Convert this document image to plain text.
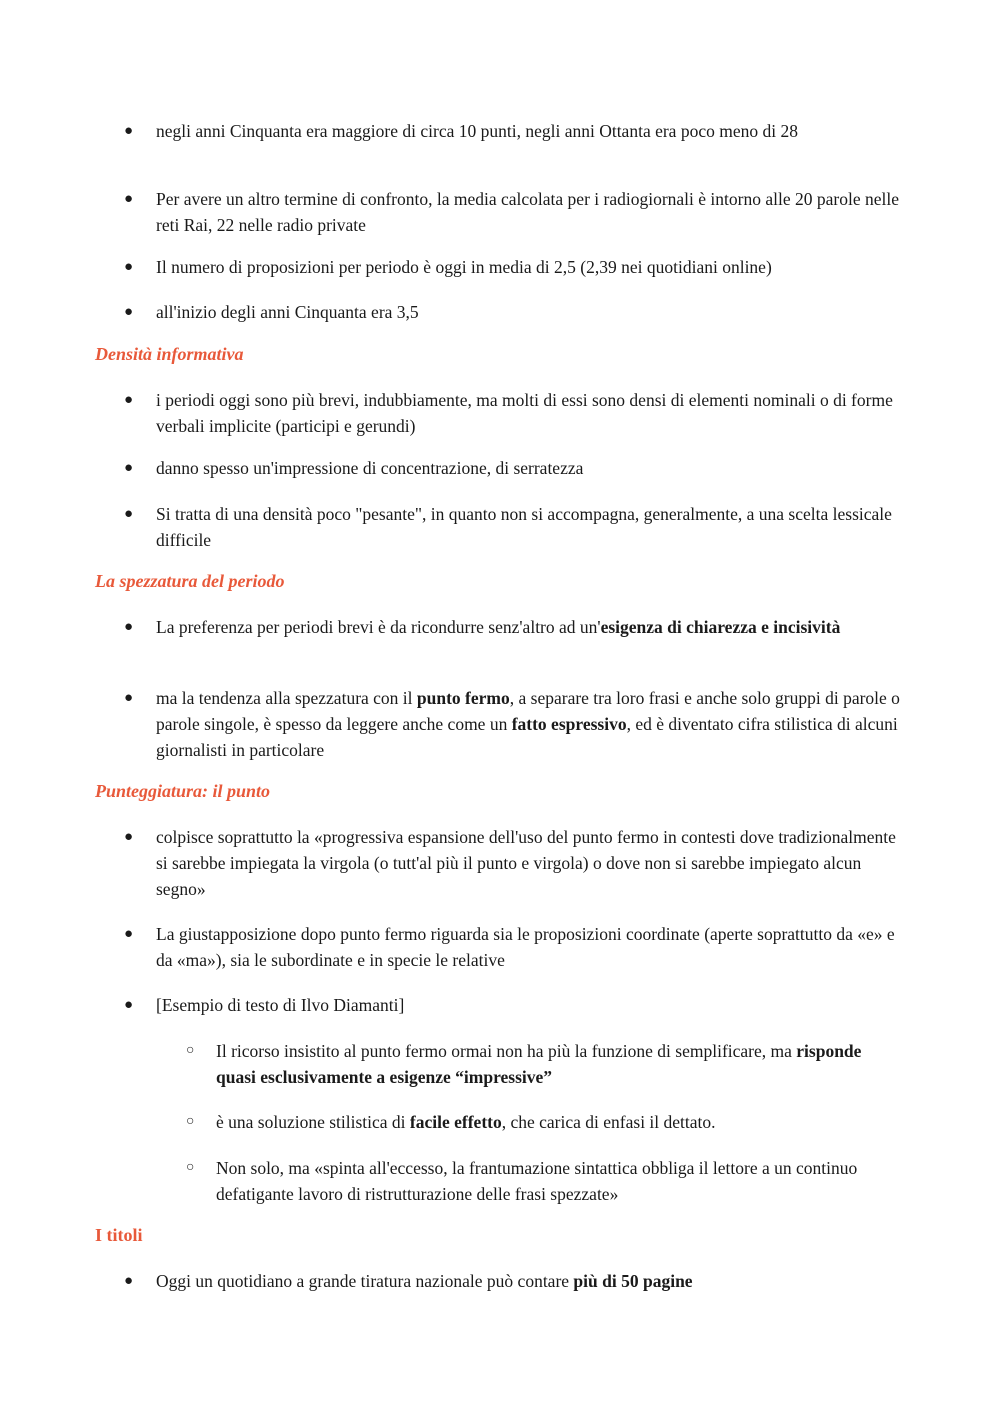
● negli anni Cinquanta era maggiore di circa 10 punti, negli anni Ottanta era poco meno di 28
● Per avere un altro termine di confronto, la media calcolata per i radiogiornali è intorno alle 20 parole nelle reti Rai, 22 nelle radio private
● Il numero di proposizioni per periodo è oggi in media di 2,5 (2,39 nei quotidiani online)
● all'inizio degli anni Cinquanta era 3,5
Densità informativa
● i periodi oggi sono più brevi, indubbiamente, ma molti di essi sono densi di elementi nominali o di forme verbali implicite (participi e gerundi)
● danno spesso un'impressione di concentrazione, di serratezza
● Si tratta di una densità poco "pesante", in quanto non si accompagna, generalmente, a una scelta lessicale difficile
La spezzatura del periodo
● La preferenza per periodi brevi è da ricondurre senz'altro ad un'esigenza di chiarezza e incisività
● ma la tendenza alla spezzatura con il punto fermo, a separare tra loro frasi e anche solo gruppi di parole o parole singole, è spesso da leggere anche come un fatto espressivo, ed è diventato cifra stilistica di alcuni giornalisti in particolare
Punteggiatura: il punto
● colpisce soprattutto la «progressiva espansione dell'uso del punto fermo in contesti dove tradizionalmente si sarebbe impiegata la virgola (o tutt'al più il punto e virgola) o dove non si sarebbe impiegato alcun segno»
● La giustapposizione dopo punto fermo riguarda sia le proposizioni coordinate (aperte soprattutto da «e» e da «ma»), sia le subordinate e in specie le relative
● [Esempio di testo di Ilvo Diamanti]
○ Il ricorso insistito al punto fermo ormai non ha più la funzione di semplificare, ma risponde quasi esclusivamente a esigenze “impressive”
○ è una soluzione stilistica di facile effetto, che carica di enfasi il dettato.
○ Non solo, ma «spinta all'eccesso, la frantumazione sintattica obbliga il lettore a un continuo defatigante lavoro di ristrutturazione delle frasi spezzate»
I titoli
● Oggi un quotidiano a grande tiratura nazionale può contare più di 50 pagine
